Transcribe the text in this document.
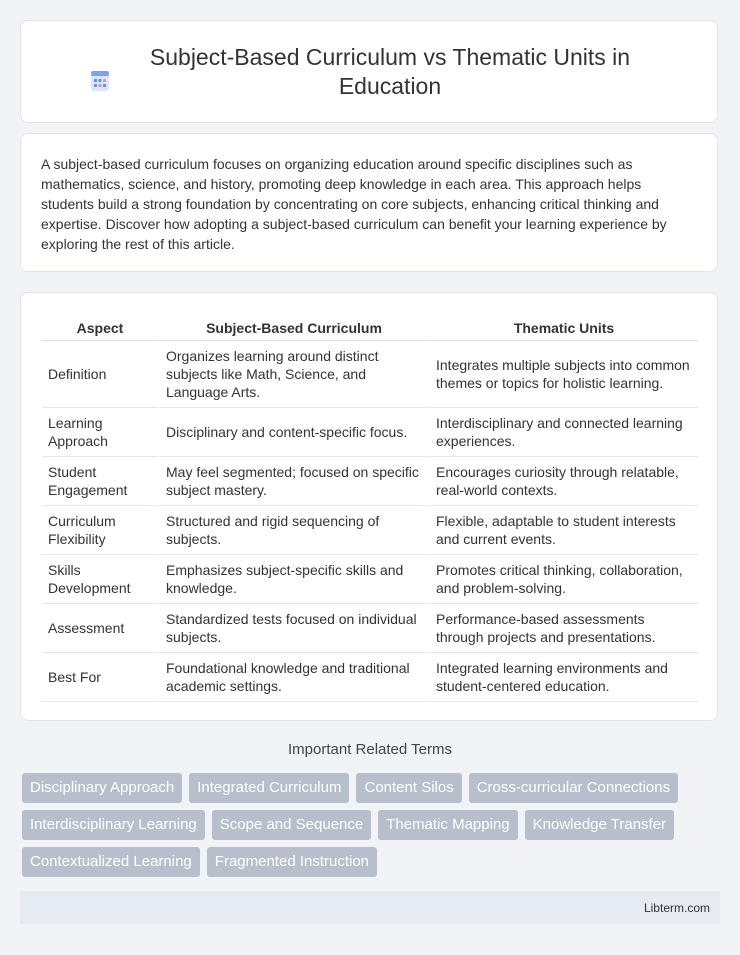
Subject-Based Curriculum vs Thematic Units in Education

A subject-based curriculum focuses on organizing education around specific disciplines such as mathematics, science, and history, promoting deep knowledge in each area. This approach helps students build a strong foundation by concentrating on core subjects, enhancing critical thinking and expertise. Discover how adopting a subject-based curriculum can benefit your learning experience by exploring the rest of this article.

Aspect	Subject-Based Curriculum	Thematic Units
Definition	Organizes learning around distinct subjects like Math, Science, and Language Arts.	Integrates multiple subjects into common themes or topics for holistic learning.
Learning Approach	Disciplinary and content-specific focus.	Interdisciplinary and connected learning experiences.
Student Engagement	May feel segmented; focused on specific subject mastery.	Encourages curiosity through relatable, real-world contexts.
Curriculum Flexibility	Structured and rigid sequencing of subjects.	Flexible, adaptable to student interests and current events.
Skills Development	Emphasizes subject-specific skills and knowledge.	Promotes critical thinking, collaboration, and problem-solving.
Assessment	Standardized tests focused on individual subjects.	Performance-based assessments through projects and presentations.
Best For	Foundational knowledge and traditional academic settings.	Integrated learning environments and student-centered education.
Important Related Terms
Disciplinary Approach	Integrated Curriculum	Content Silos	Cross-curricular Connections
Interdisciplinary Learning	Scope and Sequence	Thematic Mapping	Knowledge Transfer
Contextualized Learning	Fragmented Instruction
Libterm.com
